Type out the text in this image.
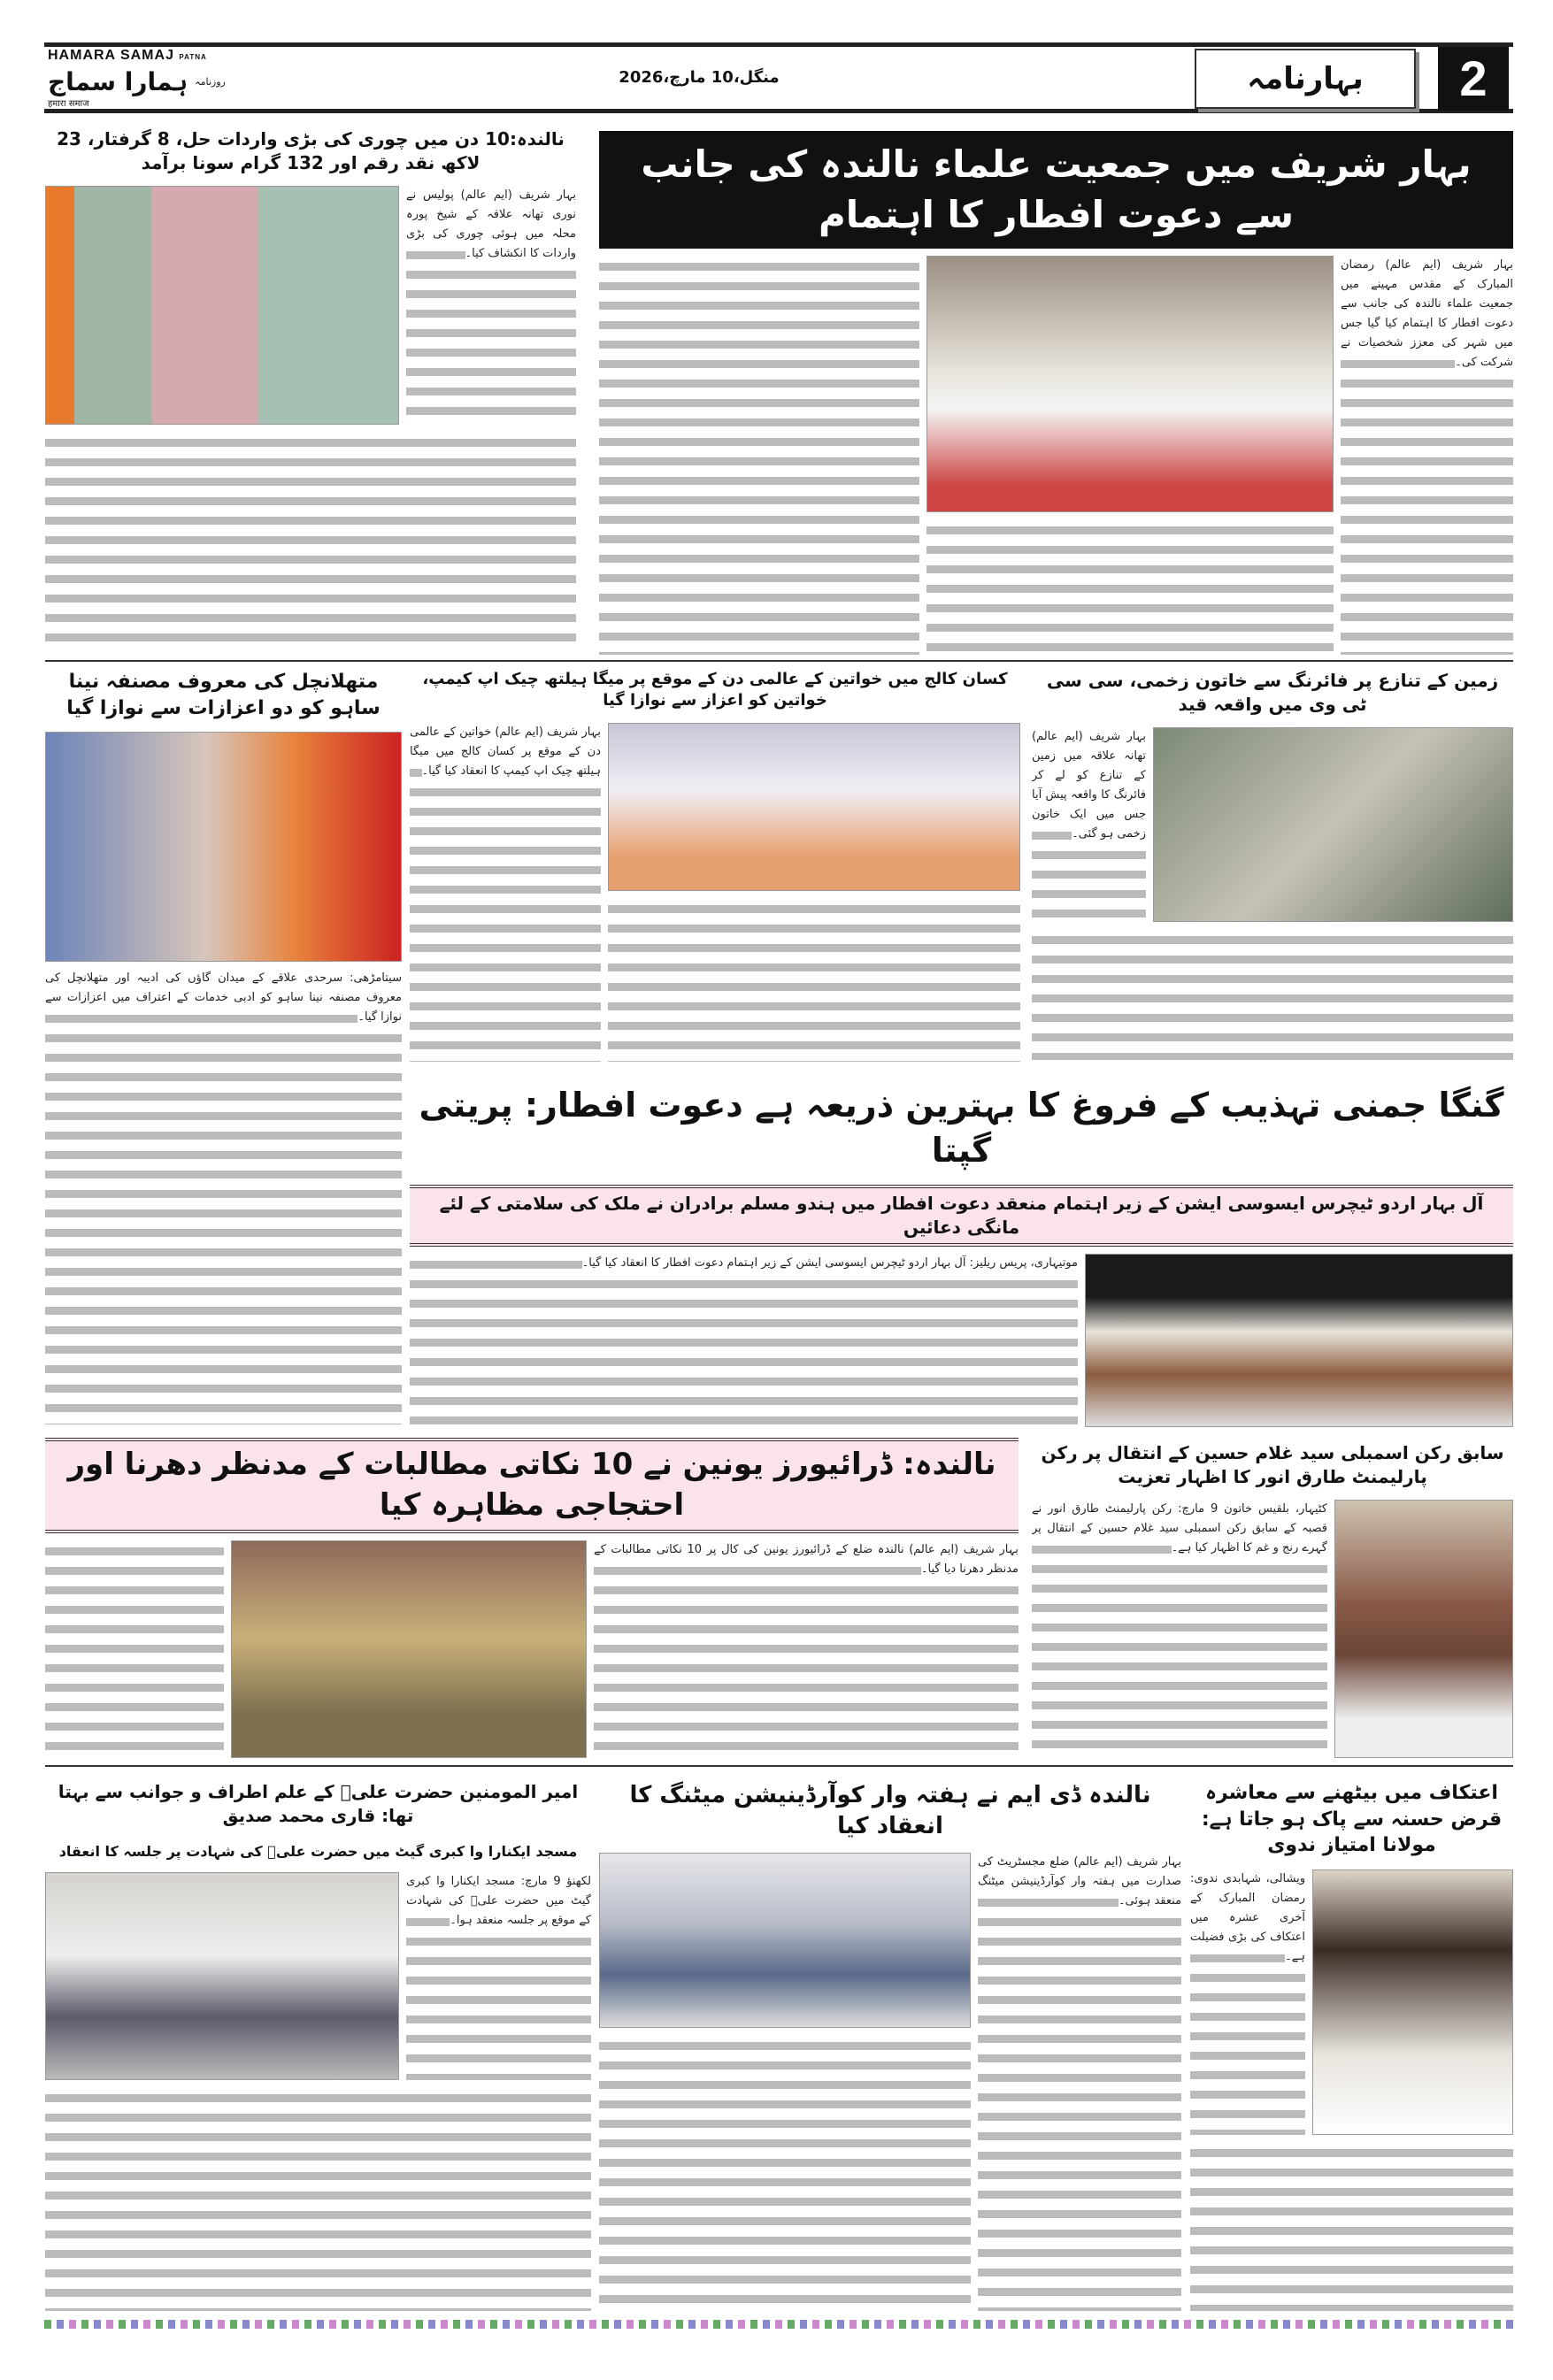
HAMARA SAMAJ PATNA
ہمارا سماج روزنامہ
हमारा समाज
منگل،10 مارچ،2026	بہارنامہ	2
بہار شریف میں جمعیت علماء نالندہ کی جانب سے دعوت افطار کا اہتمام
بہار شریف (ایم عالم) رمضان المبارک کے مقدس مہینے میں جمعیت علماء نالندہ کی جانب سے دعوت افطار کا اہتمام کیا گیا جس میں شہر کی معزز شخصیات نے شرکت کی۔
نالندہ:10 دن میں چوری کی بڑی واردات حل، 8 گرفتار، 23 لاکھ نقد رقم اور 132 گرام سونا برآمد
بہار شریف (ایم عالم) پولیس نے نوری تھانہ علاقہ کے شیخ پورہ محلہ میں ہوئی چوری کی بڑی واردات کا انکشاف کیا۔
زمین کے تنازع پر فائرنگ سے خاتون زخمی، سی سی ٹی وی میں واقعہ قید
بہار شریف (ایم عالم) تھانہ علاقہ میں زمین کے تنازع کو لے کر فائرنگ کا واقعہ پیش آیا جس میں ایک خاتون زخمی ہو گئی۔
کسان کالج میں خواتین کے عالمی دن کے موقع پر میگا ہیلتھ چیک اپ کیمپ، خواتین کو اعزاز سے نوازا گیا
بہار شریف (ایم عالم) خواتین کے عالمی دن کے موقع پر کسان کالج میں میگا ہیلتھ چیک اپ کیمپ کا انعقاد کیا گیا۔
متھلانچل کی معروف مصنفہ نینا ساہو کو دو اعزازات سے نوازا گیا
سیتامڑھی: سرحدی علاقے کے میدان گاؤں کی ادیبہ اور متھلانچل کی معروف مصنفہ نینا ساہو کو ادبی خدمات کے اعتراف میں اعزازات سے نوازا گیا۔
گنگا جمنی تہذیب کے فروغ کا بہترین ذریعہ ہے دعوت افطار: پریتی گپتا
آل بہار اردو ٹیچرس ایسوسی ایشن کے زیر اہتمام منعقد دعوت افطار میں ہندو مسلم برادران نے ملک کی سلامتی کے لئے مانگی دعائیں
موتیہاری، پریس ریلیز: آل بہار اردو ٹیچرس ایسوسی ایشن کے زیر اہتمام دعوت افطار کا انعقاد کیا گیا۔
سابق رکن اسمبلی سید غلام حسین کے انتقال پر رکن پارلیمنٹ طارق انور کا اظہار تعزیت
کٹیہار، بلقیس خاتون 9 مارچ: رکن پارلیمنٹ طارق انور نے قصبہ کے سابق رکن اسمبلی سید غلام حسین کے انتقال پر گہرے رنج و غم کا اظہار کیا ہے۔
نالندہ: ڈرائیورز یونین نے 10 نکاتی مطالبات کے مدنظر دھرنا اور احتجاجی مظاہرہ کیا
بہار شریف (ایم عالم) نالندہ ضلع کے ڈرائیورز یونین کی کال پر 10 نکاتی مطالبات کے مدنظر دھرنا دیا گیا۔
اعتکاف میں بیٹھنے سے معاشرہ قرض حسنہ سے پاک ہو جاتا ہے: مولانا امتیاز ندوی
ویشالی، شہابدی ندوی: رمضان المبارک کے آخری عشرہ میں اعتکاف کی بڑی فضیلت ہے۔
نالندہ ڈی ایم نے ہفتہ وار کوآرڈینیشن میٹنگ کا انعقاد کیا
بہار شریف (ایم عالم) ضلع مجسٹریٹ کی صدارت میں ہفتہ وار کوآرڈینیشن میٹنگ منعقد ہوئی۔
امیر المومنین حضرت علیؓ کے علم اطراف و جوانب سے بہتا تھا: قاری محمد صدیق
مسجد ایکنارا وا کبری گیٹ میں حضرت علیؓ کی شہادت پر جلسہ کا انعقاد
لکھنؤ 9 مارچ: مسجد ایکنارا وا کبری گیٹ میں حضرت علیؓ کی شہادت کے موقع پر جلسہ منعقد ہوا۔
